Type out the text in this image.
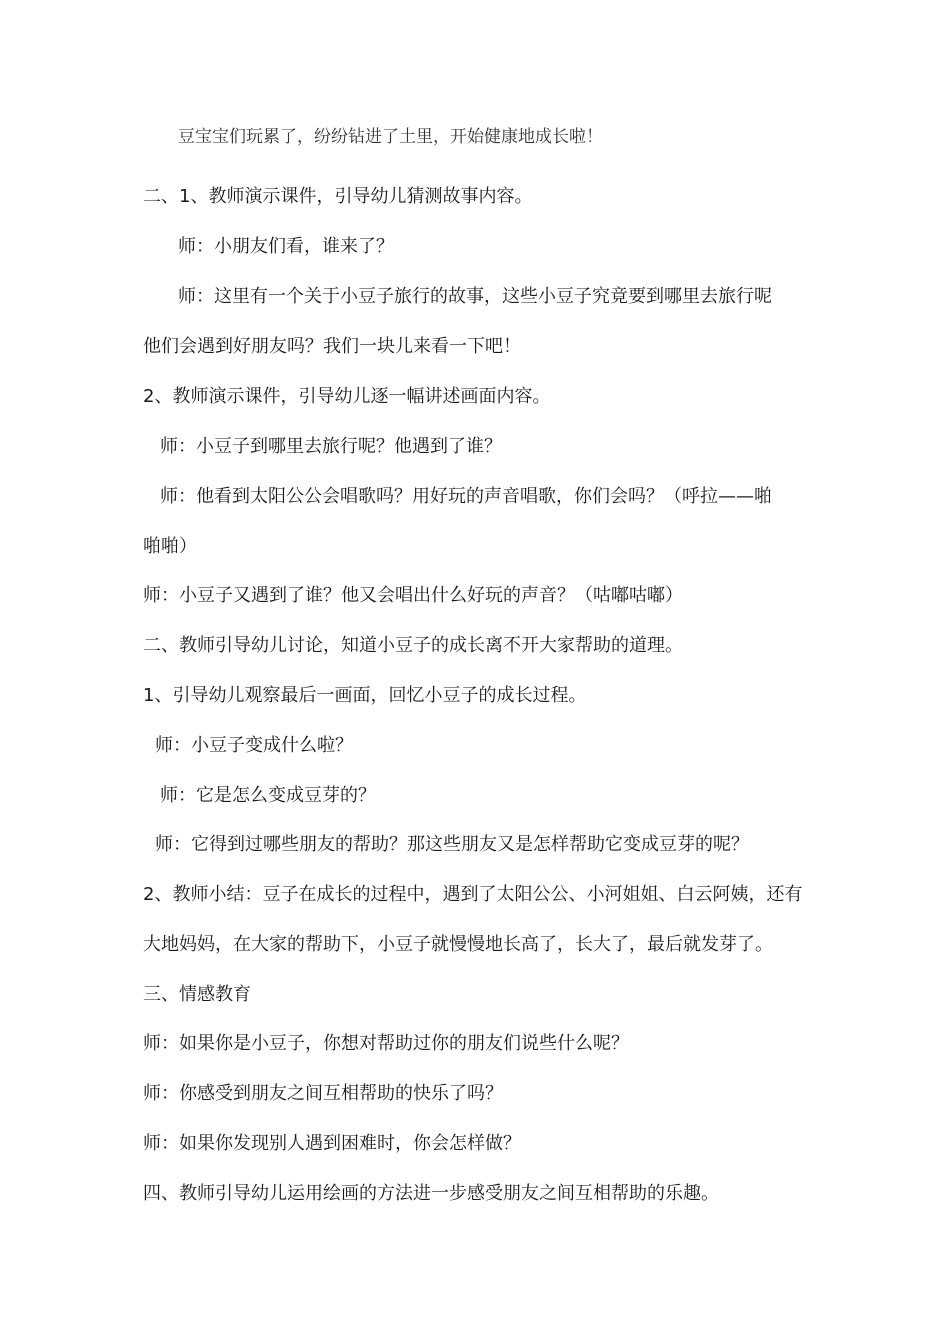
豆宝宝们玩累了，纷纷钻进了土里，开始健康地成长啦！
二、1、教师演示课件，引导幼儿猜测故事内容。
师：小朋友们看，谁来了？
师：这里有一个关于小豆子旅行的故事，这些小豆子究竟要到哪里去旅行呢
他们会遇到好朋友吗？我们一块儿来看一下吧！
2、教师演示课件，引导幼儿逐一幅讲述画面内容。
师：小豆子到哪里去旅行呢？他遇到了谁？
师：他看到太阳公公会唱歌吗？用好玩的声音唱歌，你们会吗？（呼拉——啪
啪啪）
师：小豆子又遇到了谁？他又会唱出什么好玩的声音？（咕嘟咕嘟）
二、教师引导幼儿讨论，知道小豆子的成长离不开大家帮助的道理。
1、引导幼儿观察最后一画面，回忆小豆子的成长过程。
师：小豆子变成什么啦？
师：它是怎么变成豆芽的？
师：它得到过哪些朋友的帮助？那这些朋友又是怎样帮助它变成豆芽的呢？
2、教师小结：豆子在成长的过程中，遇到了太阳公公、小河姐姐、白云阿姨，还有
大地妈妈，在大家的帮助下，小豆子就慢慢地长高了，长大了，最后就发芽了。
三、情感教育
师：如果你是小豆子，你想对帮助过你的朋友们说些什么呢？
师：你感受到朋友之间互相帮助的快乐了吗？
师：如果你发现别人遇到困难时，你会怎样做？
四、教师引导幼儿运用绘画的方法进一步感受朋友之间互相帮助的乐趣。
